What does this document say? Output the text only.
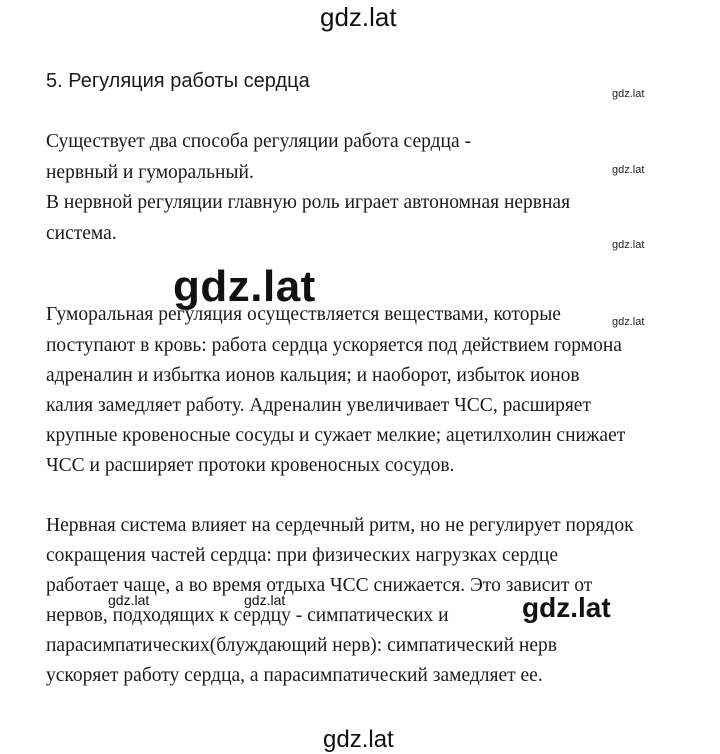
gdz.lat
5. Регуляция работы сердца
Существует два способа регуляции работа сердца -
нервный и гуморальный.
В нервной регуляции главную роль играет автономная нервная
система.
Гуморальная регуляция осуществляется веществами, которые
поступают в кровь: работа сердца ускоряется под действием гормона
адреналин и избытка ионов кальция; и наоборот, избыток ионов
калия замедляет работу. Адреналин увеличивает ЧСС, расширяет
крупные кровеносные сосуды и сужает мелкие; ацетилхолин снижает
ЧСС и расширяет протоки кровеносных сосудов.
Нервная система влияет на сердечный ритм, но не регулирует порядок
сокращения частей сердца: при физических нагрузках сердце
работает чаще, а во время отдыха ЧСС снижается. Это зависит от
нервов, подходящих к сердцу - симпатических и
парасимпатических(блуждающий нерв): симпатический нерв
ускоряет работу сердца, а парасимпатический замедляет ее.
gdz.lat
gdz.lat
gdz.lat
gdz.lat
gdz.lat
gdz.lat
gdz.lat	gdz.lat
gdz.lat
